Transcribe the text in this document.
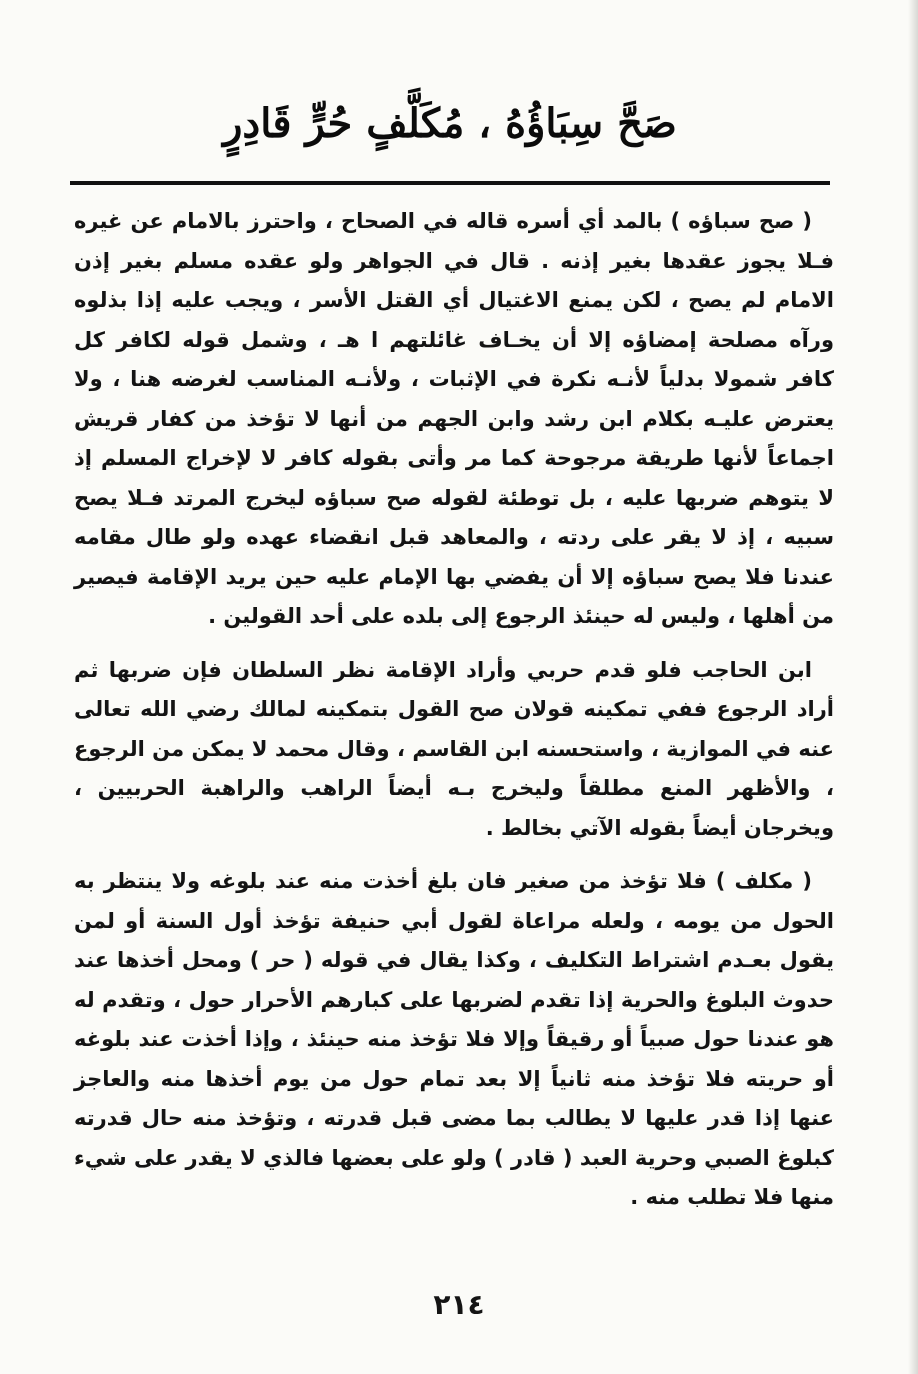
صَحَّ سِبَاؤُهُ ، مُكَلَّفٍ حُرٍّ قَادِرٍ

( صح سباؤه ) بالمد أي أسره قاله في الصحاح ، واحترز بالامام عن غيره فـلا يجوز عقدها بغير إذنه . قال في الجواهر ولو عقده مسلم بغير إذن الامام لم يصح ، لكن يمنع الاغتيال أي القتل الأسر ، ويجب عليه إذا بذلوه ورآه مصلحة إمضاؤه إلا أن يخـاف غائلتهم ا هـ ، وشمل قوله لكافر كل كافر شمولا بدلياً لأنـه نكرة في الإثبات ، ولأنـه المناسب لغرضه هنا ، ولا يعترض عليـه بكلام ابن رشد وابن الجهم من أنها لا تؤخذ من كفار قريش اجماعاً لأنها طريقة مرجوحة كما مر وأتى بقوله كافر لا لإخراج المسلم إذ لا يتوهم ضربها عليه ، بل توطئة لقوله صح سباؤه ليخرج المرتد فـلا يصح سبيه ، إذ لا يقر على ردته ، والمعاهد قبل انقضاء عهده ولو طال مقامه عندنا فلا يصح سباؤه إلا أن يفضي بها الإمام عليه حين يريد الإقامة فيصير من أهلها ، وليس له حينئذ الرجوع إلى بلده على أحد القولين .

ابن الحاجب فلو قدم حربي وأراد الإقامة نظر السلطان فإن ضربها ثم أراد الرجوع ففي تمكينه قولان صح القول بتمكينه لمالك رضي الله تعالى عنه في الموازية ، واستحسنه ابن القاسم ، وقال محمد لا يمكن من الرجوع ، والأظهر المنع مطلقاً وليخرج بـه أيضاً الراهب والراهبة الحربيين ، ويخرجان أيضاً بقوله الآتي بخالط .

( مكلف ) فلا تؤخذ من صغير فان بلغ أخذت منه عند بلوغه ولا ينتظر به الحول من يومه ، ولعله مراعاة لقول أبي حنيفة تؤخذ أول السنة أو لمن يقول بعـدم اشتراط التكليف ، وكذا يقال في قوله ( حر ) ومحل أخذها عند حدوث البلوغ والحرية إذا تقدم لضربها على كبارهم الأحرار حول ، وتقدم له هو عندنا حول صبياً أو رقيقاً وإلا فلا تؤخذ منه حينئذ ، وإذا أخذت عند بلوغه أو حريته فلا تؤخذ منه ثانياً إلا بعد تمام حول من يوم أخذها منه والعاجز عنها إذا قدر عليها لا يطالب بما مضى قبل قدرته ، وتؤخذ منه حال قدرته كبلوغ الصبي وحرية العبد ( قادر ) ولو على بعضها فالذي لا يقدر على شيء منها فلا تطلب منه .

٢١٤
